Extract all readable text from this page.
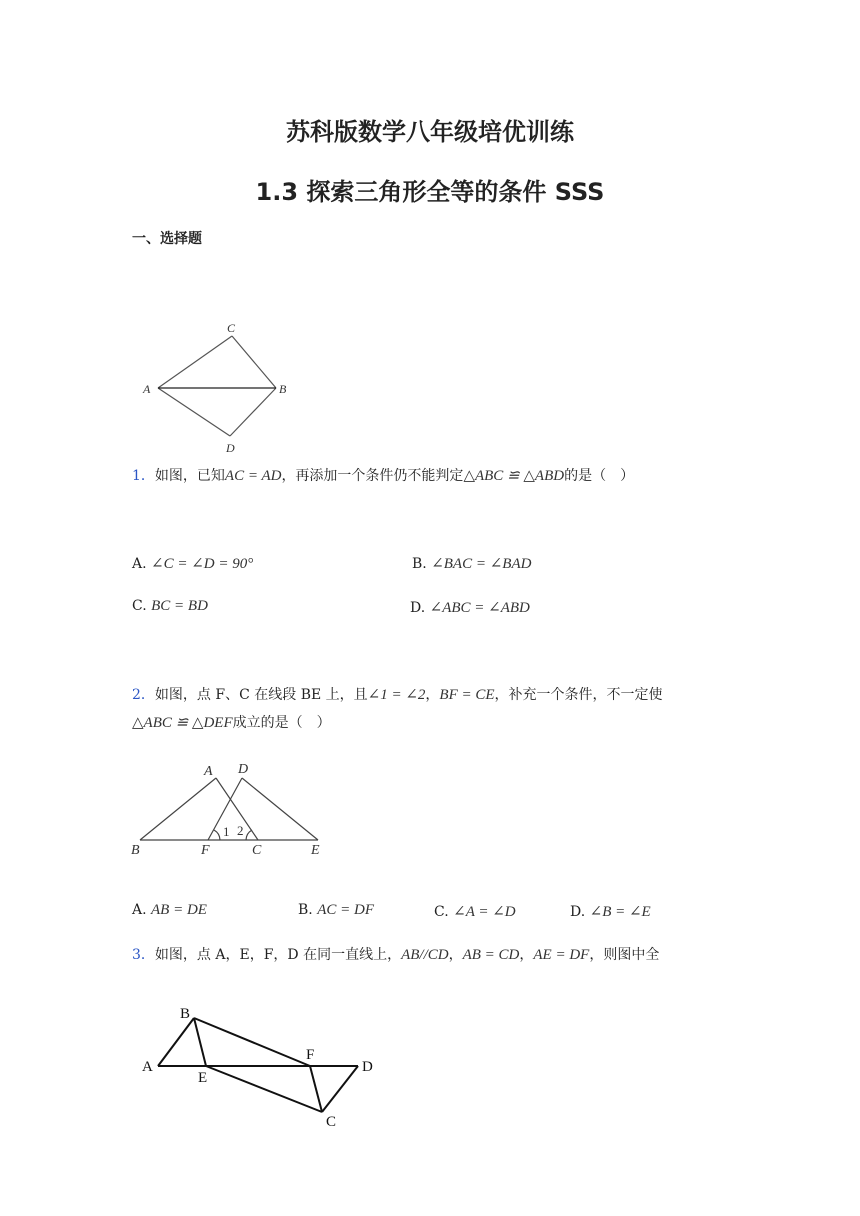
苏科版数学八年级培优训练
1.3 探索三角形全等的条件 SSS
一、选择题
C
A	B
D
1．如图，已知AC = AD，再添加一个条件仍不能判定△ABC ≌ △ABD的是（　）
A. ∠C = ∠D = 90°	B. ∠BAC = ∠BAD
C. BC = BD	D. ∠ABC = ∠ABD
2．如图，点 F、C 在线段 BE 上，且∠1 = ∠2，BF = CE，补充一个条件，不一定使
△ABC ≌ △DEF成立的是（　）
A D
1 2
B	F	C	E
A. AB = DE	B. AC = DF	C. ∠A = ∠D	D. ∠B = ∠E
3．如图，点 A，E，F，D 在同一直线上，AB//CD，AB = CD，AE = DF，则图中全
B
F
D
A
E
C
